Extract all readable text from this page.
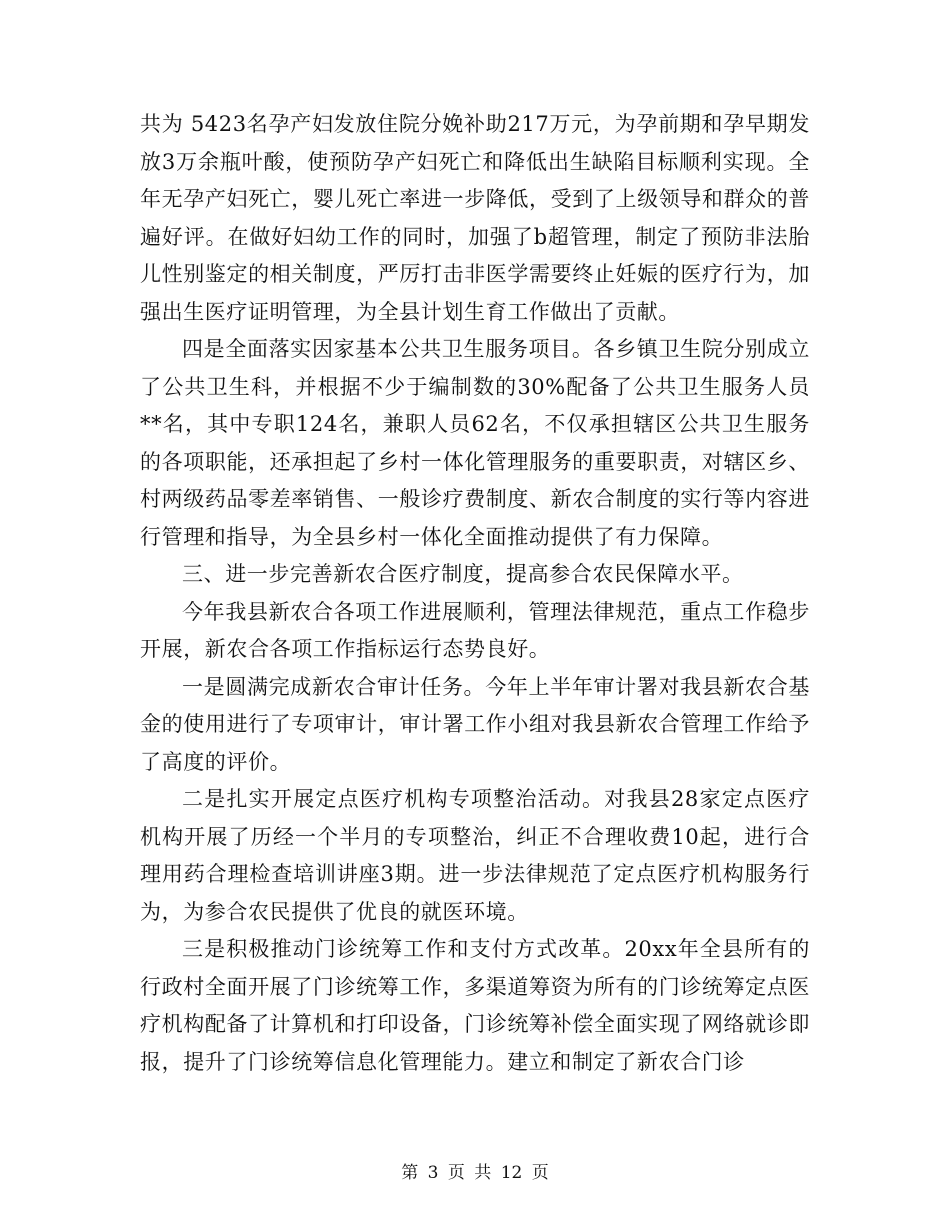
共为 5423名孕产妇发放住院分娩补助217万元，为孕前期和孕早期发放3万余瓶叶酸，使预防孕产妇死亡和降低出生缺陷目标顺利实现。全年无孕产妇死亡，婴儿死亡率进一步降低，受到了上级领导和群众的普遍好评。在做好妇幼工作的同时，加强了b超管理，制定了预防非法胎儿性别鉴定的相关制度，严厉打击非医学需要终止妊娠的医疗行为，加强出生医疗证明管理，为全县计划生育工作做出了贡献。

四是全面落实因家基本公共卫生服务项目。各乡镇卫生院分别成立了公共卫生科，并根据不少于编制数的30%配备了公共卫生服务人员**名，其中专职124名，兼职人员62名，不仅承担辖区公共卫生服务的各项职能，还承担起了乡村一体化管理服务的重要职责，对辖区乡、村两级药品零差率销售、一般诊疗费制度、新农合制度的实行等内容进行管理和指导，为全县乡村一体化全面推动提供了有力保障。

三、进一步完善新农合医疗制度，提高参合农民保障水平。

今年我县新农合各项工作进展顺利，管理法律规范，重点工作稳步开展，新农合各项工作指标运行态势良好。

一是圆满完成新农合审计任务。今年上半年审计署对我县新农合基金的使用进行了专项审计，审计署工作小组对我县新农合管理工作给予了高度的评价。

二是扎实开展定点医疗机构专项整治活动。对我县28家定点医疗机构开展了历经一个半月的专项整治，纠正不合理收费10起，进行合理用药合理检查培训讲座3期。进一步法律规范了定点医疗机构服务行为，为参合农民提供了优良的就医环境。

三是积极推动门诊统筹工作和支付方式改革。20xx年全县所有的行政村全面开展了门诊统筹工作，多渠道筹资为所有的门诊统筹定点医疗机构配备了计算机和打印设备，门诊统筹补偿全面实现了网络就诊即报，提升了门诊统筹信息化管理能力。建立和制定了新农合门诊

第 3 页 共 12 页
